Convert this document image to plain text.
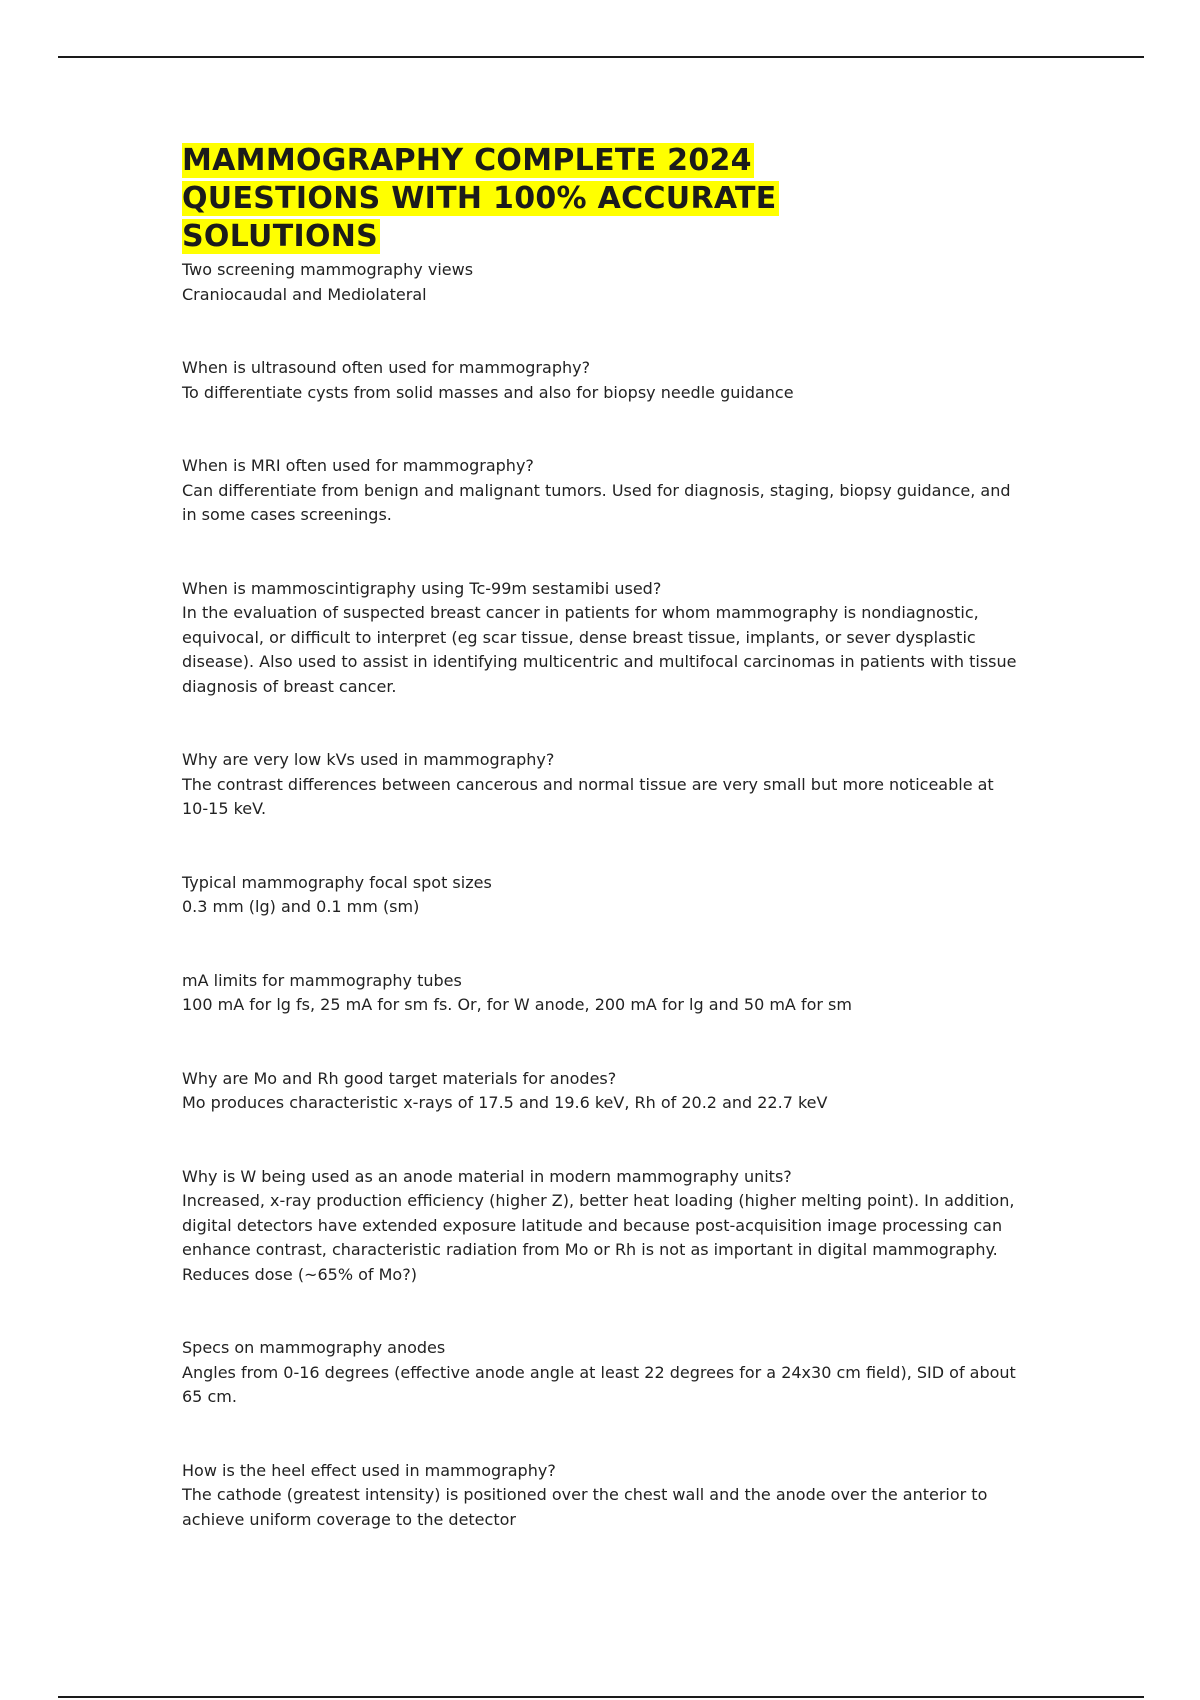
MAMMOGRAPHY COMPLETE 2024
QUESTIONS WITH 100% ACCURATE
SOLUTIONS
Two screening mammography views
Craniocaudal and Mediolateral
When is ultrasound often used for mammography?
To differentiate cysts from solid masses and also for biopsy needle guidance
When is MRI often used for mammography?
Can differentiate from benign and malignant tumors. Used for diagnosis, staging, biopsy guidance, and in some cases screenings.
When is mammoscintigraphy using Tc-99m sestamibi used?
In the evaluation of suspected breast cancer in patients for whom mammography is nondiagnostic, equivocal, or difficult to interpret (eg scar tissue, dense breast tissue, implants, or sever dysplastic disease). Also used to assist in identifying multicentric and multifocal carcinomas in patients with tissue diagnosis of breast cancer.
Why are very low kVs used in mammography?
The contrast differences between cancerous and normal tissue are very small but more noticeable at 10-15 keV.
Typical mammography focal spot sizes
0.3 mm (lg) and 0.1 mm (sm)
mA limits for mammography tubes
100 mA for lg fs, 25 mA for sm fs. Or, for W anode, 200 mA for lg and 50 mA for sm
Why are Mo and Rh good target materials for anodes?
Mo produces characteristic x-rays of 17.5 and 19.6 keV, Rh of 20.2 and 22.7 keV
Why is W being used as an anode material in modern mammography units?
Increased, x-ray production efficiency (higher Z), better heat loading (higher melting point). In addition, digital detectors have extended exposure latitude and because post-acquisition image processing can enhance contrast, characteristic radiation from Mo or Rh is not as important in digital mammography. Reduces dose (~65% of Mo?)
Specs on mammography anodes
Angles from 0-16 degrees (effective anode angle at least 22 degrees for a 24x30 cm field), SID of about 65 cm.
How is the heel effect used in mammography?
The cathode (greatest intensity) is positioned over the chest wall and the anode over the anterior to achieve uniform coverage to the detector
